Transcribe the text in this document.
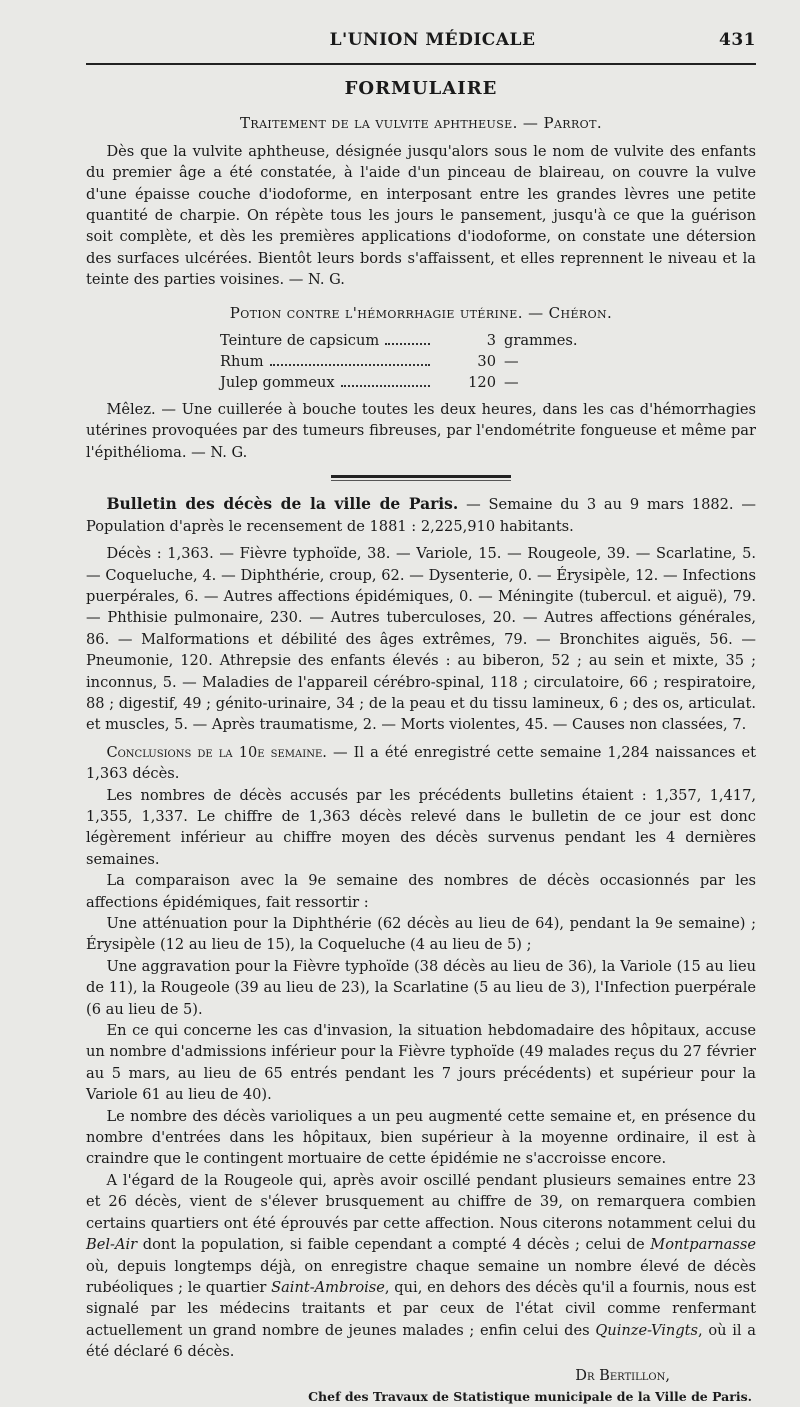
L'UNION MÉDICALE	431
FORMULAIRE
Traitement de la vulvite aphtheuse. — Parrot.

Dès que la vulvite aphtheuse, désignée jusqu'alors sous le nom de vulvite des enfants du premier âge a été constatée, à l'aide d'un pinceau de blaireau, on couvre la vulve d'une épaisse couche d'iodoforme, en interposant entre les grandes lèvres une petite quantité de charpie. On répète tous les jours le pansement, jusqu'à ce que la guérison soit complète, et dès les premières applications d'iodoforme, on constate une détersion des surfaces ulcérées. Bientôt leurs bords s'affaissent, et elles reprennent le niveau et la teinte des parties voisines. — N. G.

Potion contre l'hémorrhagie utérine. — Chéron.
Teinture de capsicum	3 grammes.
Rhum	30 —
Julep gommeux	120 —

Mêlez. — Une cuillerée à bouche toutes les deux heures, dans les cas d'hémorrhagies utérines provoquées par des tumeurs fibreuses, par l'endométrite fongueuse et même par l'épithélioma. — N. G.

Bulletin des décès de la ville de Paris. — Semaine du 3 au 9 mars 1882. — Population d'après le recensement de 1881 : 2,225,910 habitants.

Décès : 1,363. — Fièvre typhoïde, 38. — Variole, 15. — Rougeole, 39. — Scarlatine, 5. — Coqueluche, 4. — Diphthérie, croup, 62. — Dysenterie, 0. — Érysipèle, 12. — Infections puerpérales, 6. — Autres affections épidémiques, 0. — Méningite (tubercul. et aiguë), 79. — Phthisie pulmonaire, 230. — Autres tuberculoses, 20. — Autres affections générales, 86. — Malformations et débilité des âges extrêmes, 79. — Bronchites aiguës, 56. — Pneumonie, 120. Athrepsie des enfants élevés : au biberon, 52 ; au sein et mixte, 35 ; inconnus, 5. — Maladies de l'appareil cérébro-spinal, 118 ; circulatoire, 66 ; respiratoire, 88 ; digestif, 49 ; génito-urinaire, 34 ; de la peau et du tissu lamineux, 6 ; des os, articulat. et muscles, 5. — Après traumatisme, 2. — Morts violentes, 45. — Causes non classées, 7.

Conclusions de la 10e semaine. — Il a été enregistré cette semaine 1,284 naissances et 1,363 décès.

Les nombres de décès accusés par les précédents bulletins étaient : 1,357, 1,417, 1,355, 1,337. Le chiffre de 1,363 décès relevé dans le bulletin de ce jour est donc légèrement inférieur au chiffre moyen des décès survenus pendant les 4 dernières semaines.

La comparaison avec la 9e semaine des nombres de décès occasionnés par les affections épidémiques, fait ressortir :

Une atténuation pour la Diphthérie (62 décès au lieu de 64), pendant la 9e semaine) ; Érysipèle (12 au lieu de 15), la Coqueluche (4 au lieu de 5) ;

Une aggravation pour la Fièvre typhoïde (38 décès au lieu de 36), la Variole (15 au lieu de 11), la Rougeole (39 au lieu de 23), la Scarlatine (5 au lieu de 3), l'Infection puerpérale (6 au lieu de 5).

En ce qui concerne les cas d'invasion, la situation hebdomadaire des hôpitaux, accuse un nombre d'admissions inférieur pour la Fièvre typhoïde (49 malades reçus du 27 février au 5 mars, au lieu de 65 entrés pendant les 7 jours précédents) et supérieur pour la Variole 61 au lieu de 40).

Le nombre des décès varioliques a un peu augmenté cette semaine et, en présence du nombre d'entrées dans les hôpitaux, bien supérieur à la moyenne ordinaire, il est à craindre que le contingent mortuaire de cette épidémie ne s'accroisse encore.

A l'égard de la Rougeole qui, après avoir oscillé pendant plusieurs semaines entre 23 et 26 décès, vient de s'élever brusquement au chiffre de 39, on remarquera combien certains quartiers ont été éprouvés par cette affection. Nous citerons notamment celui du Bel-Air dont la population, si faible cependant a compté 4 décès ; celui de Montparnasse où, depuis longtemps déjà, on enregistre chaque semaine un nombre élevé de décès rubéoliques ; le quartier Saint-Ambroise, qui, en dehors des décès qu'il a fournis, nous est signalé par les médecins traitants et par ceux de l'état civil comme renfermant actuellement un grand nombre de jeunes malades ; enfin celui des Quinze-Vingts, où il a été déclaré 6 décès.

Dr Bertillon,
Chef des Travaux de Statistique municipale de la Ville de Paris.
